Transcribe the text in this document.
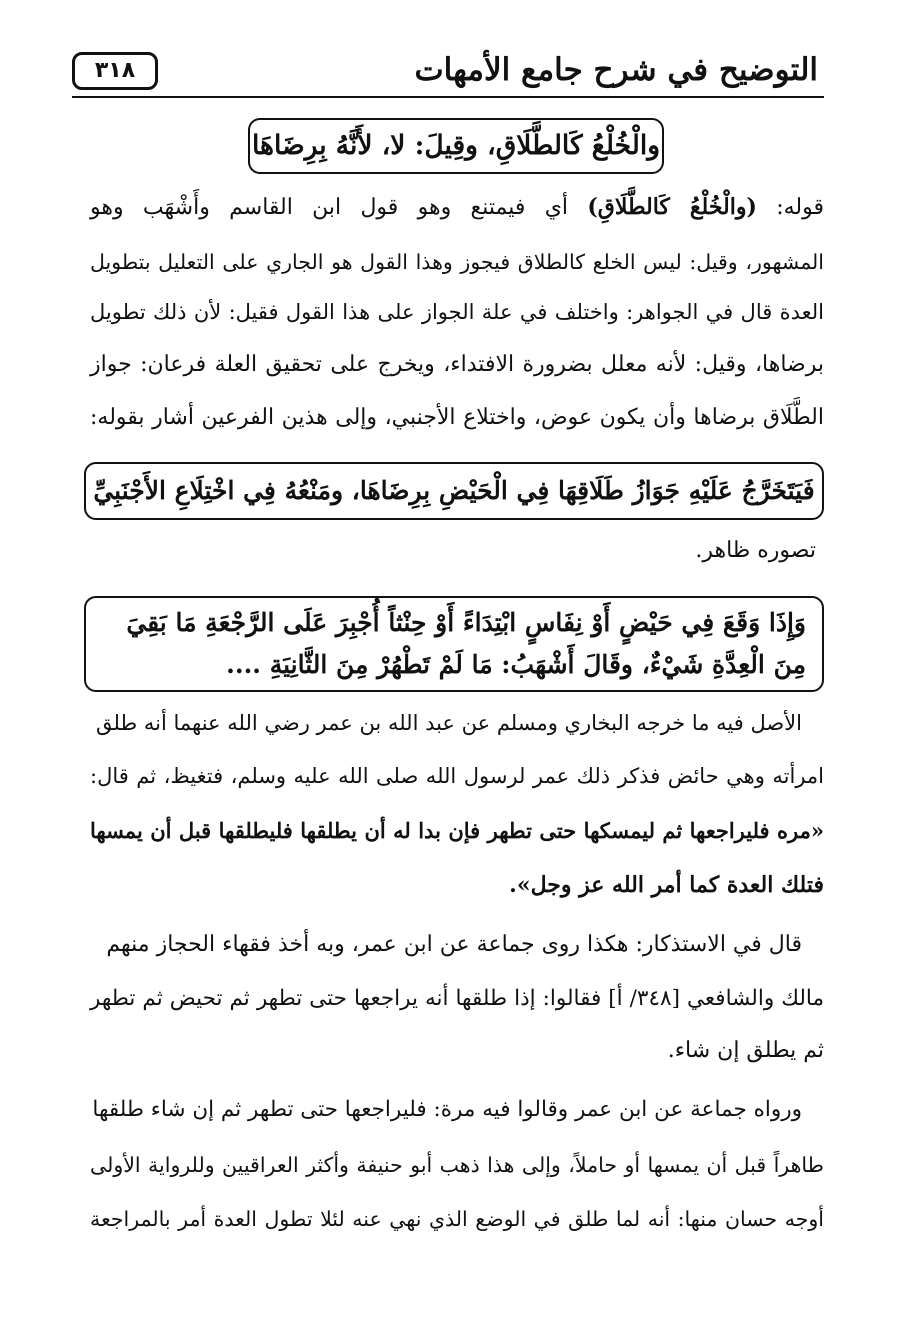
التوضيح في شرح جامع الأمهات
٣١٨
والْخُلْعُ كَالطَّلَاقِ، وقِيلَ: لا، لأَنَّهُ بِرِضَاهَا
قوله: (والْخُلْعُ كَالطَّلَاقِ) أي فيمتنع وهو قول ابن القاسم وأَشْهَب وهو
المشهور، وقيل: ليس الخلع كالطلاق فيجوز وهذا القول هو الجاري على التعليل بتطويل
العدة قال في الجواهر: واختلف في علة الجواز على هذا القول فقيل: لأن ذلك تطويل
برضاها، وقيل: لأنه معلل بضرورة الافتداء، ويخرج على تحقيق العلة فرعان: جواز
الطَّلَاق برضاها وأن يكون عوض، واختلاع الأجنبي، وإلى هذين الفرعين أشار بقوله:
فَيَتَخَرَّجُ عَلَيْهِ جَوَازُ طَلَاقِهَا فِي الْحَيْضِ بِرِضَاهَا، ومَنْعُهُ فِي اخْتِلَاعِ الأَجْنَبِيِّ
تصوره ظاهر.

وَإِذَا وَقَعَ فِي حَيْضٍ أَوْ نِفَاسٍ ابْتِدَاءً أَوْ حِنْثاً أُجْبِرَ عَلَى الرَّجْعَةِ مَا بَقِيَ

مِنَ الْعِدَّةِ شَيْءٌ، وقَالَ أَشْهَبُ: مَا لَمْ تَطْهُرْ مِنَ الثَّانِيَةِ ....

الأصل فيه ما خرجه البخاري ومسلم عن عبد الله بن عمر رضي الله عنهما أنه طلق
امرأته وهي حائض فذكر ذلك عمر لرسول الله صلى الله عليه وسلم، فتغيظ، ثم قال:
«مره فليراجعها ثم ليمسكها حتى تطهر فإن بدا له أن يطلقها فليطلقها قبل أن يمسها
فتلك العدة كما أمر الله عز وجل».
قال في الاستذكار: هكذا روى جماعة عن ابن عمر، وبه أخذ فقهاء الحجاز منهم
مالك والشافعي [٣٤٨/ أ] فقالوا: إذا طلقها أنه يراجعها حتى تطهر ثم تحيض ثم تطهر
ثم يطلق إن شاء.
ورواه جماعة عن ابن عمر وقالوا فيه مرة: فليراجعها حتى تطهر ثم إن شاء طلقها
طاهراً قبل أن يمسها أو حاملاً، وإلى هذا ذهب أبو حنيفة وأكثر العراقيين وللرواية الأولى
أوجه حسان منها: أنه لما طلق في الوضع الذي نهي عنه لئلا تطول العدة أمر بالمراجعة
